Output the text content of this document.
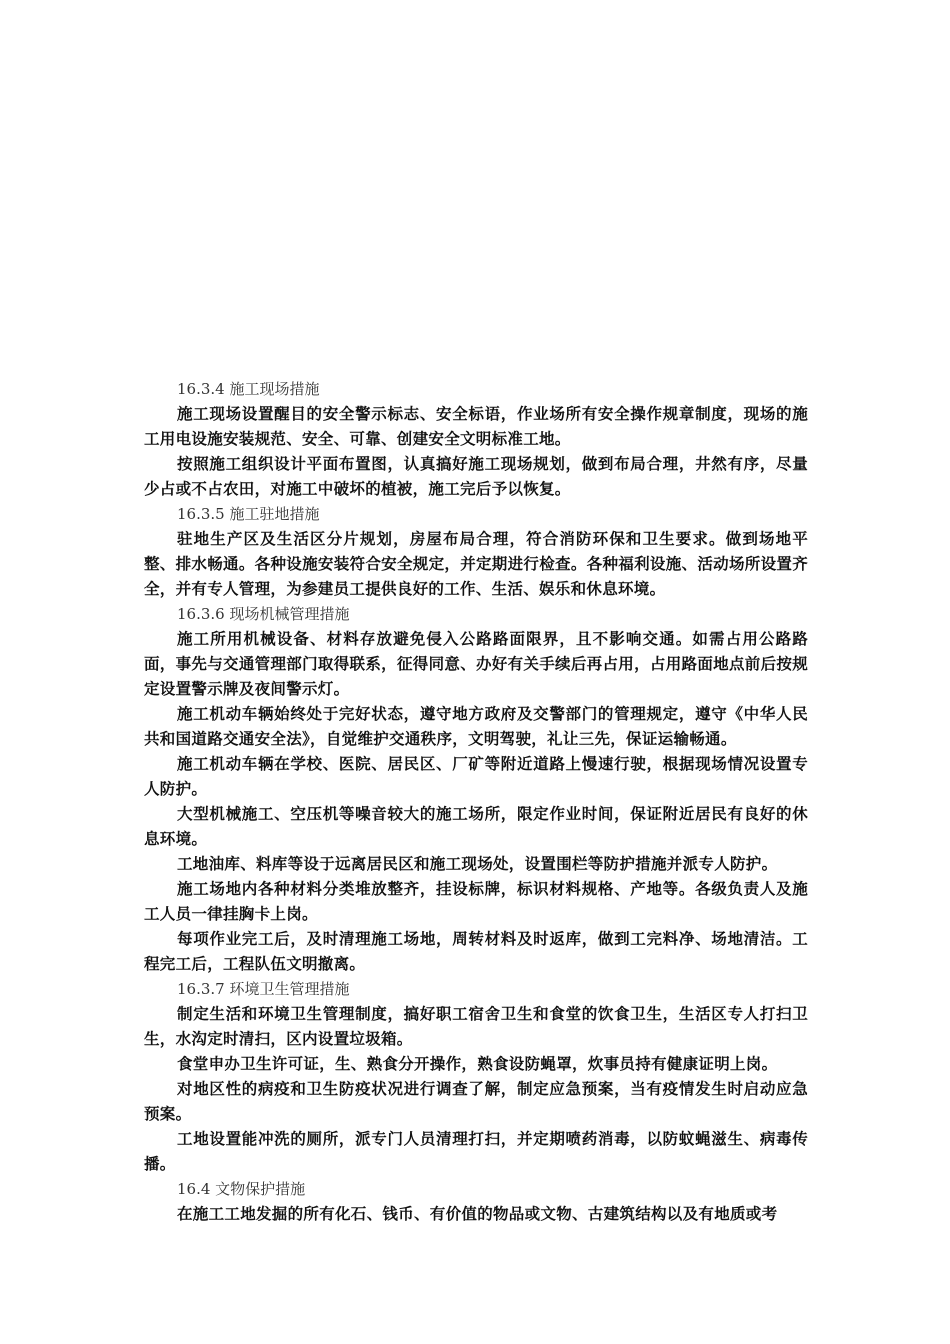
16.3.4 施工现场措施
施工现场设置醒目的安全警示标志、安全标语，作业场所有安全操作规章制度，现场的施工用电设施安装规范、安全、可靠、创建安全文明标准工地。
按照施工组织设计平面布置图，认真搞好施工现场规划，做到布局合理，井然有序，尽量少占或不占农田，对施工中破坏的植被，施工完后予以恢复。
16.3.5 施工驻地措施
驻地生产区及生活区分片规划，房屋布局合理，符合消防环保和卫生要求。做到场地平整、排水畅通。各种设施安装符合安全规定，并定期进行检查。各种福利设施、活动场所设置齐全，并有专人管理，为参建员工提供良好的工作、生活、娱乐和休息环境。
16.3.6 现场机械管理措施
施工所用机械设备、材料存放避免侵入公路路面限界，且不影响交通。如需占用公路路面，事先与交通管理部门取得联系，征得同意、办好有关手续后再占用，占用路面地点前后按规定设置警示牌及夜间警示灯。
施工机动车辆始终处于完好状态，遵守地方政府及交警部门的管理规定，遵守《中华人民共和国道路交通安全法》，自觉维护交通秩序，文明驾驶，礼让三先，保证运输畅通。
施工机动车辆在学校、医院、居民区、厂矿等附近道路上慢速行驶，根据现场情况设置专人防护。
大型机械施工、空压机等噪音较大的施工场所，限定作业时间，保证附近居民有良好的休息环境。
工地油库、料库等设于远离居民区和施工现场处，设置围栏等防护措施并派专人防护。
施工场地内各种材料分类堆放整齐，挂设标牌，标识材料规格、产地等。各级负责人及施工人员一律挂胸卡上岗。
每项作业完工后，及时清理施工场地，周转材料及时返库，做到工完料净、场地清洁。工程完工后，工程队伍文明撤离。
16.3.7 环境卫生管理措施
制定生活和环境卫生管理制度，搞好职工宿舍卫生和食堂的饮食卫生，生活区专人打扫卫生，水沟定时清扫，区内设置垃圾箱。
食堂申办卫生许可证，生、熟食分开操作，熟食设防蝇罩，炊事员持有健康证明上岗。
对地区性的病疫和卫生防疫状况进行调查了解，制定应急预案，当有疫情发生时启动应急预案。
工地设置能冲洗的厕所，派专门人员清理打扫，并定期喷药消毒，以防蚊蝇滋生、病毒传播。
16.4 文物保护措施
在施工工地发掘的所有化石、钱币、有价值的物品或文物、古建筑结构以及有地质或考
